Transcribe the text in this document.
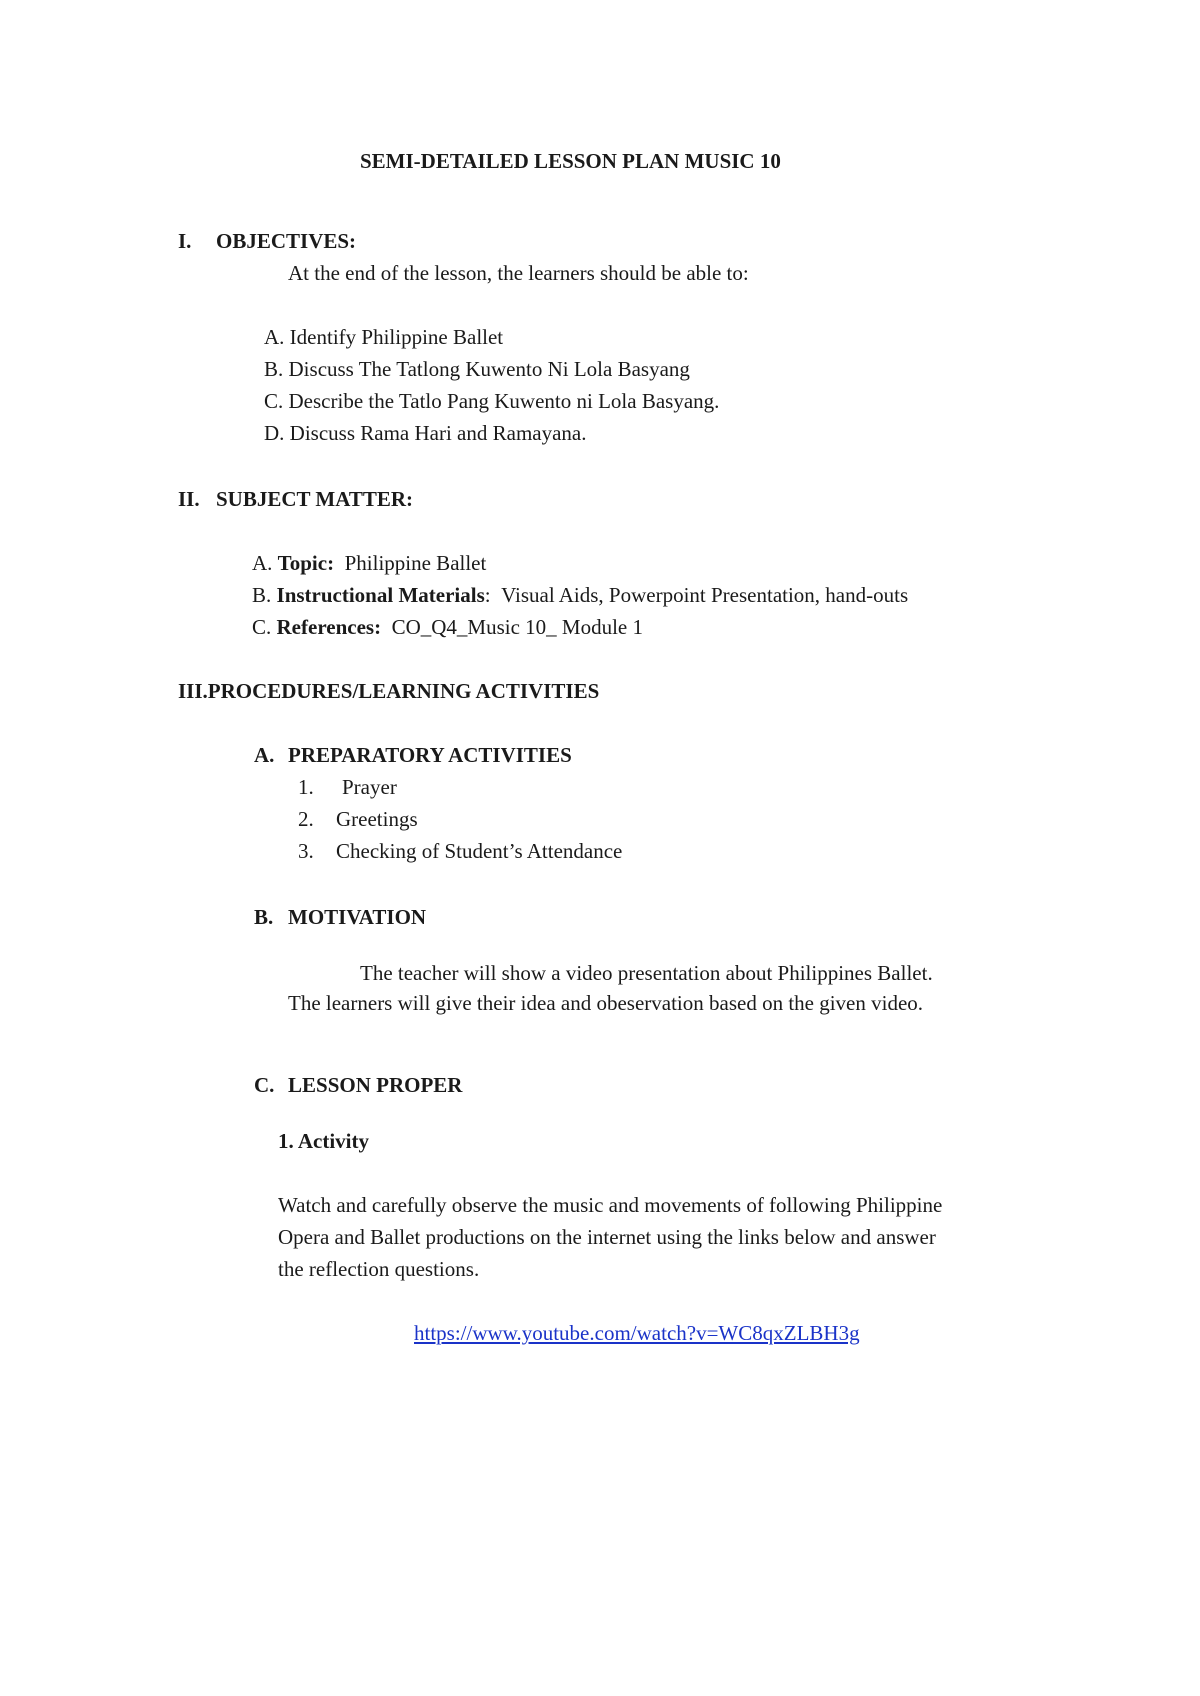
SEMI-DETAILED LESSON PLAN MUSIC 10
I. OBJECTIVES:
At the end of the lesson, the learners should be able to:
A. Identify Philippine Ballet
B. Discuss The Tatlong Kuwento Ni Lola Basyang
C. Describe the Tatlo Pang Kuwento ni Lola Basyang.
D. Discuss Rama Hari and Ramayana.
II. SUBJECT MATTER:
A. Topic: Philippine Ballet
B. Instructional Materials: Visual Aids, Powerpoint Presentation, hand-outs
C. References: CO_Q4_Music 10_ Module 1
III.PROCEDURES/LEARNING ACTIVITIES
A. PREPARATORY ACTIVITIES
1. Prayer
2. Greetings
3. Checking of Student’s Attendance
B. MOTIVATION
The teacher will show a video presentation about Philippines Ballet.
The learners will give their idea and obeservation based on the given video.
C. LESSON PROPER
1. Activity
Watch and carefully observe the music and movements of following Philippine
Opera and Ballet productions on the internet using the links below and answer
the reflection questions.
https://www.youtube.com/watch?v=WC8qxZLBH3g
